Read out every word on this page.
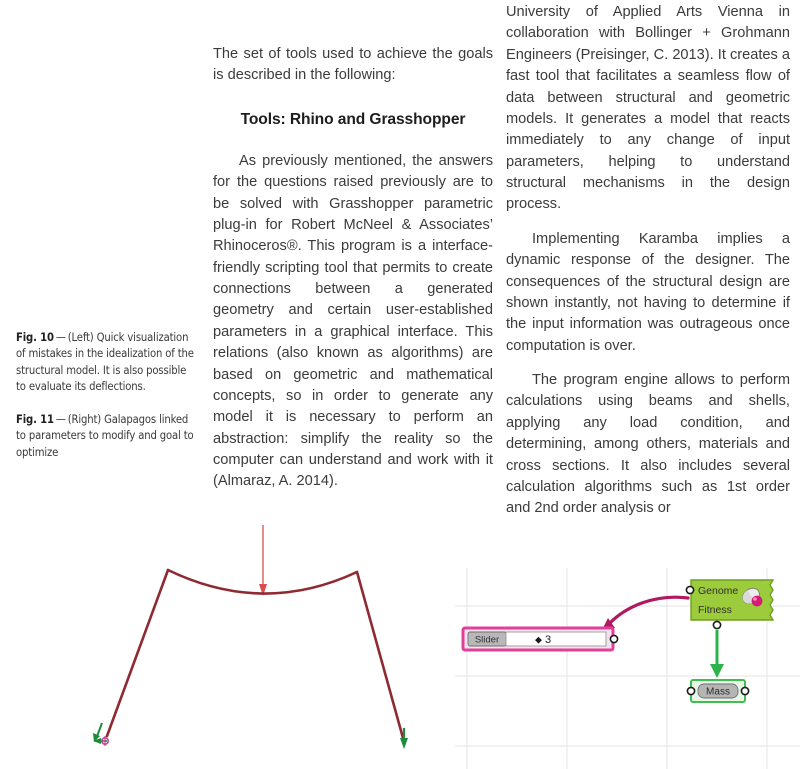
Fig. 10 — (Left) Quick visualization of mistakes in the idealization of the structural model. It is also possible to evaluate its deflections.
Fig. 11 — (Right) Galapagos linked to parameters to modify and goal to optimize

The set of tools used to achieve the goals is described in the following:

Tools: Rhino and Grasshopper

As previously mentioned, the answers for the questions raised previously are to be solved with Grasshopper parametric plug-in for Robert McNeel & Associates’ Rhinoceros®. This program is a interface-friendly scripting tool that permits to create connections between a generated geometry and certain user-established parameters in a graphical interface. This relations (also known as algorithms) are based on geometric and mathematical concepts, so in order to generate any model it is necessary to perform an abstraction: simplify the reality so the computer can understand and work with it (Almaraz, A. 2014).

University of Applied Arts Vienna in collaboration with Bollinger + Grohmann Engineers (Preisinger, C. 2013). It creates a fast tool that facilitates a seamless flow of data between structural and geometric models. It generates a model that reacts immediately to any change of input parameters, helping to understand structural mechanisms in the design process.

Implementing Karamba implies a dynamic response of the designer. The consequences of the structural design are shown instantly, not having to determine if the input information was outrageous once computation is over.

The program engine allows to perform calculations using beams and shells, applying any load condition, and determining, among others, materials and cross sections. It also includes several calculation algorithms such as 1st order and 2nd order analysis or

Genome
Fitness
Slider	◆ 3
Mass
